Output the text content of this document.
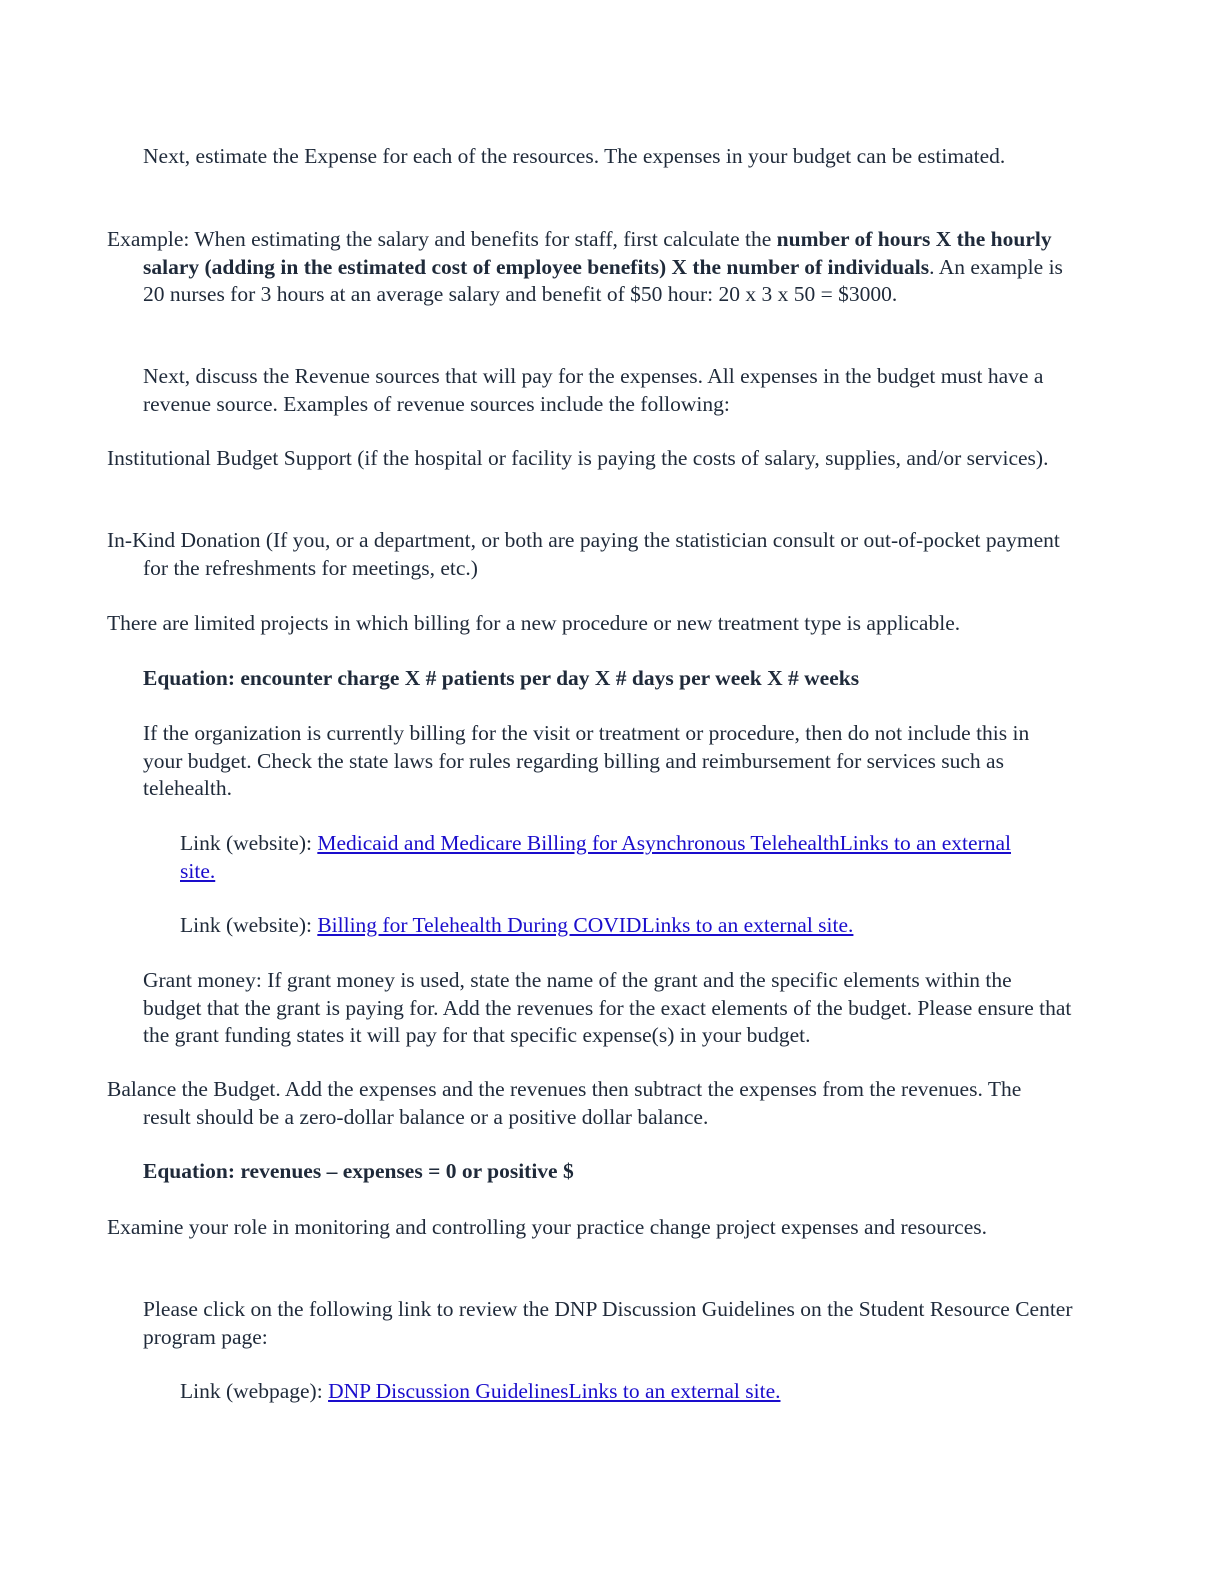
Next, estimate the Expense for each of the resources. The expenses in your budget can be estimated.

Example: When estimating the salary and benefits for staff, first calculate the number of hours X the hourly salary (adding in the estimated cost of employee benefits) X the number of individuals. An example is 20 nurses for 3 hours at an average salary and benefit of $50 hour: 20 x 3 x 50 = $3000.

Next, discuss the Revenue sources that will pay for the expenses. All expenses in the budget must have a revenue source. Examples of revenue sources include the following:

Institutional Budget Support (if the hospital or facility is paying the costs of salary, supplies, and/or services).

In-Kind Donation (If you, or a department, or both are paying the statistician consult or out-of-pocket payment for the refreshments for meetings, etc.)

There are limited projects in which billing for a new procedure or new treatment type is applicable.

Equation: encounter charge X # patients per day X # days per week X # weeks

If the organization is currently billing for the visit or treatment or procedure, then do not include this in your budget. Check the state laws for rules regarding billing and reimbursement for services such as telehealth.

Link (website): Medicaid and Medicare Billing for Asynchronous TelehealthLinks to an external site.

Link (website): Billing for Telehealth During COVIDLinks to an external site.

Grant money: If grant money is used, state the name of the grant and the specific elements within the budget that the grant is paying for. Add the revenues for the exact elements of the budget. Please ensure that the grant funding states it will pay for that specific expense(s) in your budget.

Balance the Budget. Add the expenses and the revenues then subtract the expenses from the revenues. The result should be a zero-dollar balance or a positive dollar balance.

Equation: revenues – expenses = 0 or positive $

Examine your role in monitoring and controlling your practice change project expenses and resources.

Please click on the following link to review the DNP Discussion Guidelines on the Student Resource Center program page:

Link (webpage): DNP Discussion GuidelinesLinks to an external site.
